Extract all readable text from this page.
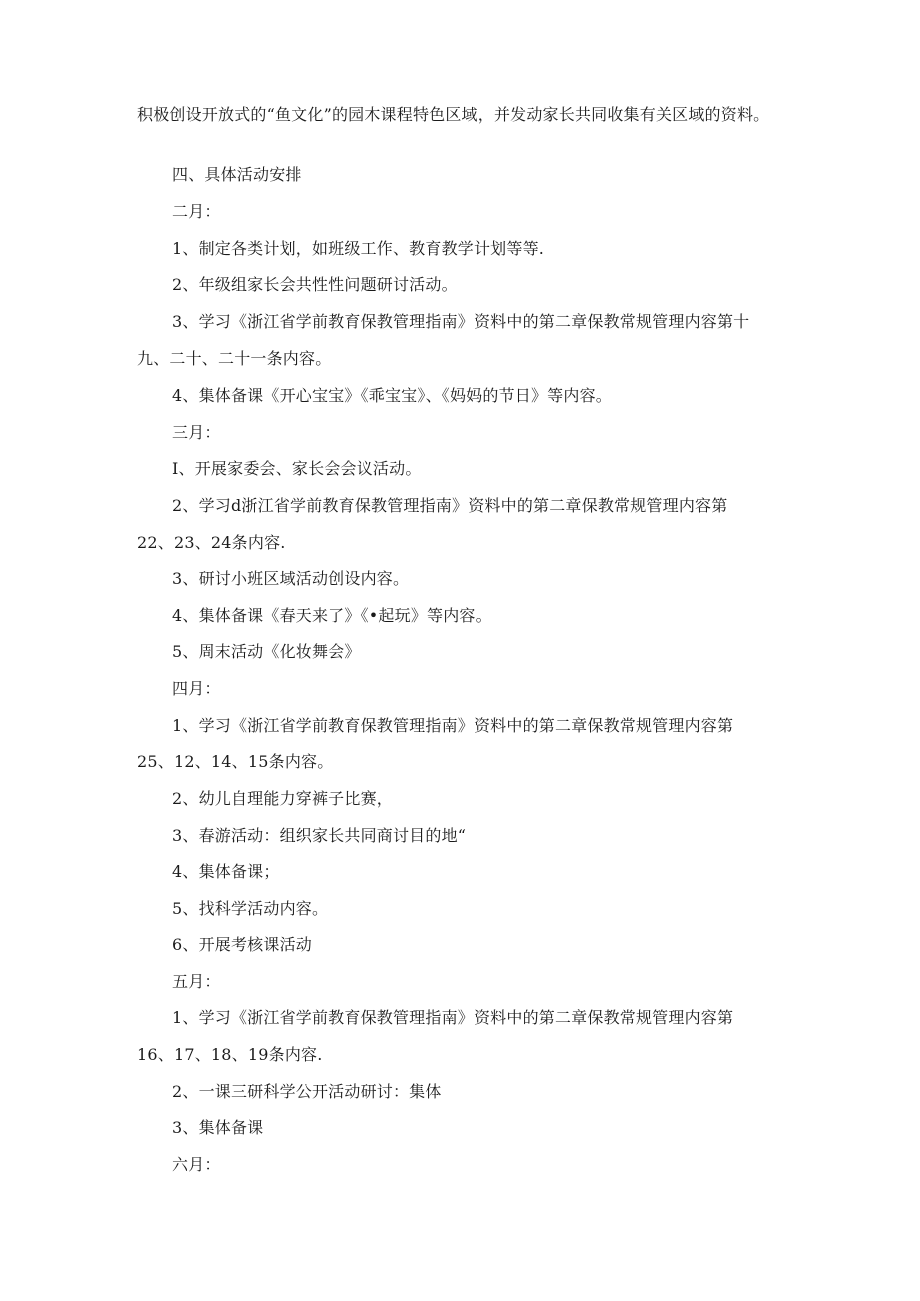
积极创设开放式的“鱼文化”的园木课程特色区域，并发动家长共同收集有关区域的资料。
四、具体活动安排
二月：
1、制定各类计划，如班级工作、教育教学计划等等.
2、年级组家长会共性性问题研讨活动。
3、学习《浙江省学前教育保教管理指南》资料中的第二章保教常规管理内容第十
九、二十、二十一条内容。
4、集体备课《开心宝宝》《乖宝宝》、《妈妈的节日》等内容。
三月：
I、开展家委会、家长会会议活动。
2、学习d浙江省学前教育保教管理指南》资料中的第二章保教常规管理内容第
22、23、24条内容.
3、研讨小班区域活动创设内容。
4、集体备课《春天来了》《•起玩》等内容。
5、周末活动《化妆舞会》
四月：
1、学习《浙江省学前教育保教管理指南》资料中的第二章保教常规管理内容第
25、12、14、15条内容。
2、幼儿自理能力穿裤子比赛，
3、春游活动：组织家长共同商讨目的地“
4、集体备课；
5、找科学活动内容。
6、开展考核课活动
五月：
1、学习《浙江省学前教育保教管理指南》资料中的第二章保教常规管理内容第
16、17、18、19条内容.
2、一课三研科学公开活动研讨：集体
3、集体备课
六月：
